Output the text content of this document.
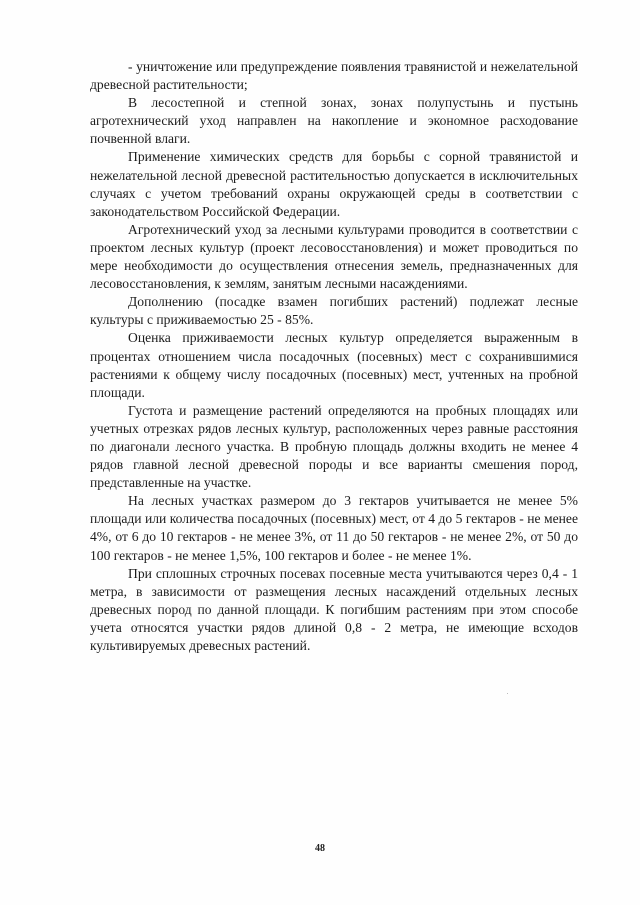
- уничтожение или предупреждение появления травянистой и нежелательной древесной растительности;

В лесостепной и степной зонах, зонах полупустынь и пустынь агротехнический уход направлен на накопление и экономное расходование почвенной влаги.

Применение химических средств для борьбы с сорной травянистой и нежелательной лесной древесной растительностью допускается в исключительных случаях с учетом требований охраны окружающей среды в соответствии с законодательством Российской Федерации.

Агротехнический уход за лесными культурами проводится в соответствии с проектом лесных культур (проект лесовосстановления) и может проводиться по мере необходимости до осуществления отнесения земель, предназначенных для лесовосстановления, к землям, занятым лесными насаждениями.

Дополнению (посадке взамен погибших растений) подлежат лесные культуры с приживаемостью 25 - 85%.

Оценка приживаемости лесных культур определяется выраженным в процентах отношением числа посадочных (посевных) мест с сохранившимися растениями к общему числу посадочных (посевных) мест, учтенных на пробной площади.

Густота и размещение растений определяются на пробных площадях или учетных отрезках рядов лесных культур, расположенных через равные расстояния по диагонали лесного участка. В пробную площадь должны входить не менее 4 рядов главной лесной древесной породы и все варианты смешения пород, представленные на участке.

На лесных участках размером до 3 гектаров учитывается не менее 5% площади или количества посадочных (посевных) мест, от 4 до 5 гектаров - не менее 4%, от 6 до 10 гектаров - не менее 3%, от 11 до 50 гектаров - не менее 2%, от 50 до 100 гектаров - не менее 1,5%, 100 гектаров и более - не менее 1%.

При сплошных строчных посевах посевные места учитываются через 0,4 - 1 метра, в зависимости от размещения лесных насаждений отдельных лесных древесных пород по данной площади. К погибшим растениям при этом способе учета относятся участки рядов длиной 0,8 - 2 метра, не имеющие всходов культивируемых древесных растений.

48
